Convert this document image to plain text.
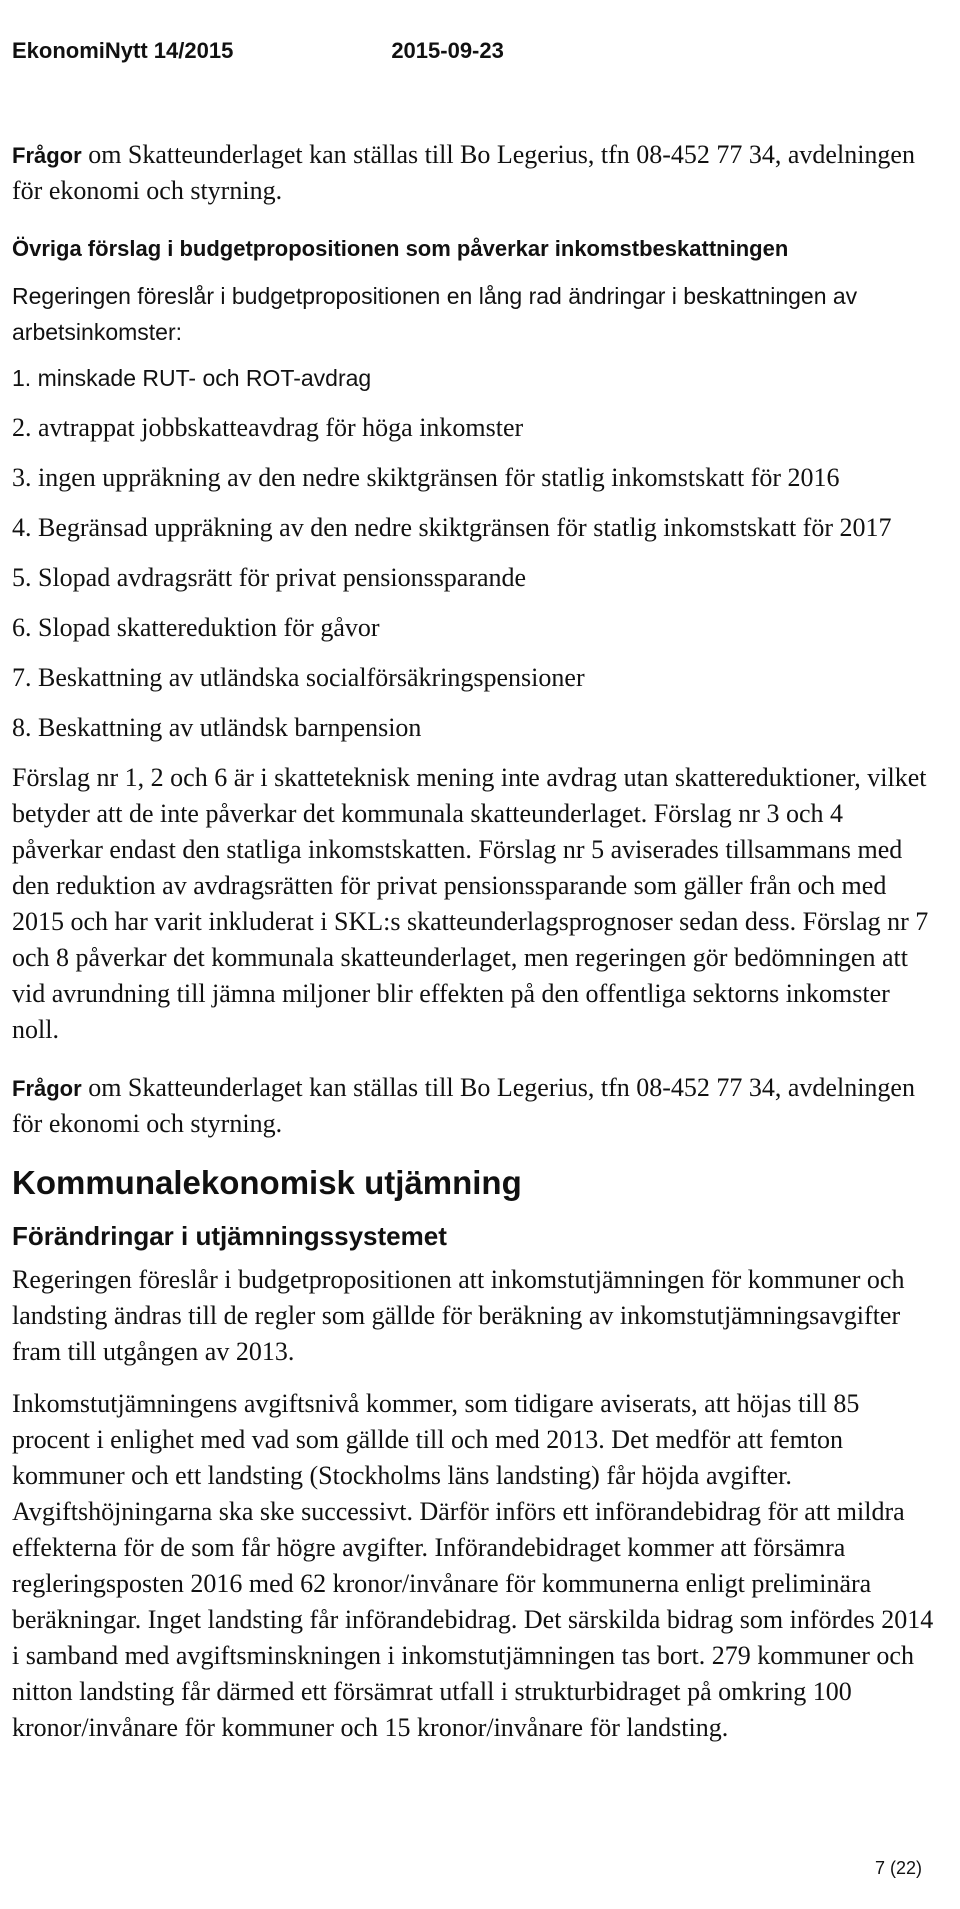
EkonomiNytt 14/2015	2015-09-23

Frågor om Skatteunderlaget kan ställas till Bo Legerius, tfn 08-452 77 34, avdelningen för ekonomi och styrning.

Övriga förslag i budgetpropositionen som påverkar inkomstbeskattningen

Regeringen föreslår i budgetpropositionen en lång rad ändringar i beskattningen av arbetsinkomster:

1. minskade RUT- och ROT-avdrag
2. avtrappat jobbskatteavdrag för höga inkomster
3. ingen uppräkning av den nedre skiktgränsen för statlig inkomstskatt för 2016
4. Begränsad uppräkning av den nedre skiktgränsen för statlig inkomstskatt för 2017
5. Slopad avdragsrätt för privat pensionssparande
6. Slopad skattereduktion för gåvor
7. Beskattning av utländska socialförsäkringspensioner
8. Beskattning av utländsk barnpension

Förslag nr 1, 2 och 6 är i skatteteknisk mening inte avdrag utan skattereduktioner, vilket betyder att de inte påverkar det kommunala skatteunderlaget. Förslag nr 3 och 4 påverkar endast den statliga inkomstskatten. Förslag nr 5 aviserades tillsammans med den reduktion av avdragsrätten för privat pensionssparande som gäller från och med 2015 och har varit inkluderat i SKL:s skatteunderlagsprognoser sedan dess. Förslag nr 7 och 8 påverkar det kommunala skatteunderlaget, men regeringen gör bedömningen att vid avrundning till jämna miljoner blir effekten på den offentliga sektorns inkomster noll.

Frågor om Skatteunderlaget kan ställas till Bo Legerius, tfn 08-452 77 34, avdelningen för ekonomi och styrning.

Kommunalekonomisk utjämning
Förändringar i utjämningssystemet

Regeringen föreslår i budgetpropositionen att inkomstutjämningen för kommuner och landsting ändras till de regler som gällde för beräkning av inkomstutjämningsavgifter fram till utgången av 2013.

Inkomstutjämningens avgiftsnivå kommer, som tidigare aviserats, att höjas till 85 procent i enlighet med vad som gällde till och med 2013. Det medför att femton kommuner och ett landsting (Stockholms läns landsting) får höjda avgifter. Avgiftshöjningarna ska ske successivt. Därför införs ett införandebidrag för att mildra effekterna för de som får högre avgifter. Införandebidraget kommer att försämra regleringsposten 2016 med 62 kronor/invånare för kommunerna enligt preliminära beräkningar. Inget landsting får införandebidrag. Det särskilda bidrag som infördes 2014 i samband med avgiftsminskningen i inkomstutjämningen tas bort. 279 kommuner och nitton landsting får därmed ett försämrat utfall i strukturbidraget på omkring 100 kronor/invånare för kommuner och 15 kronor/invånare för landsting.

7 (22)
